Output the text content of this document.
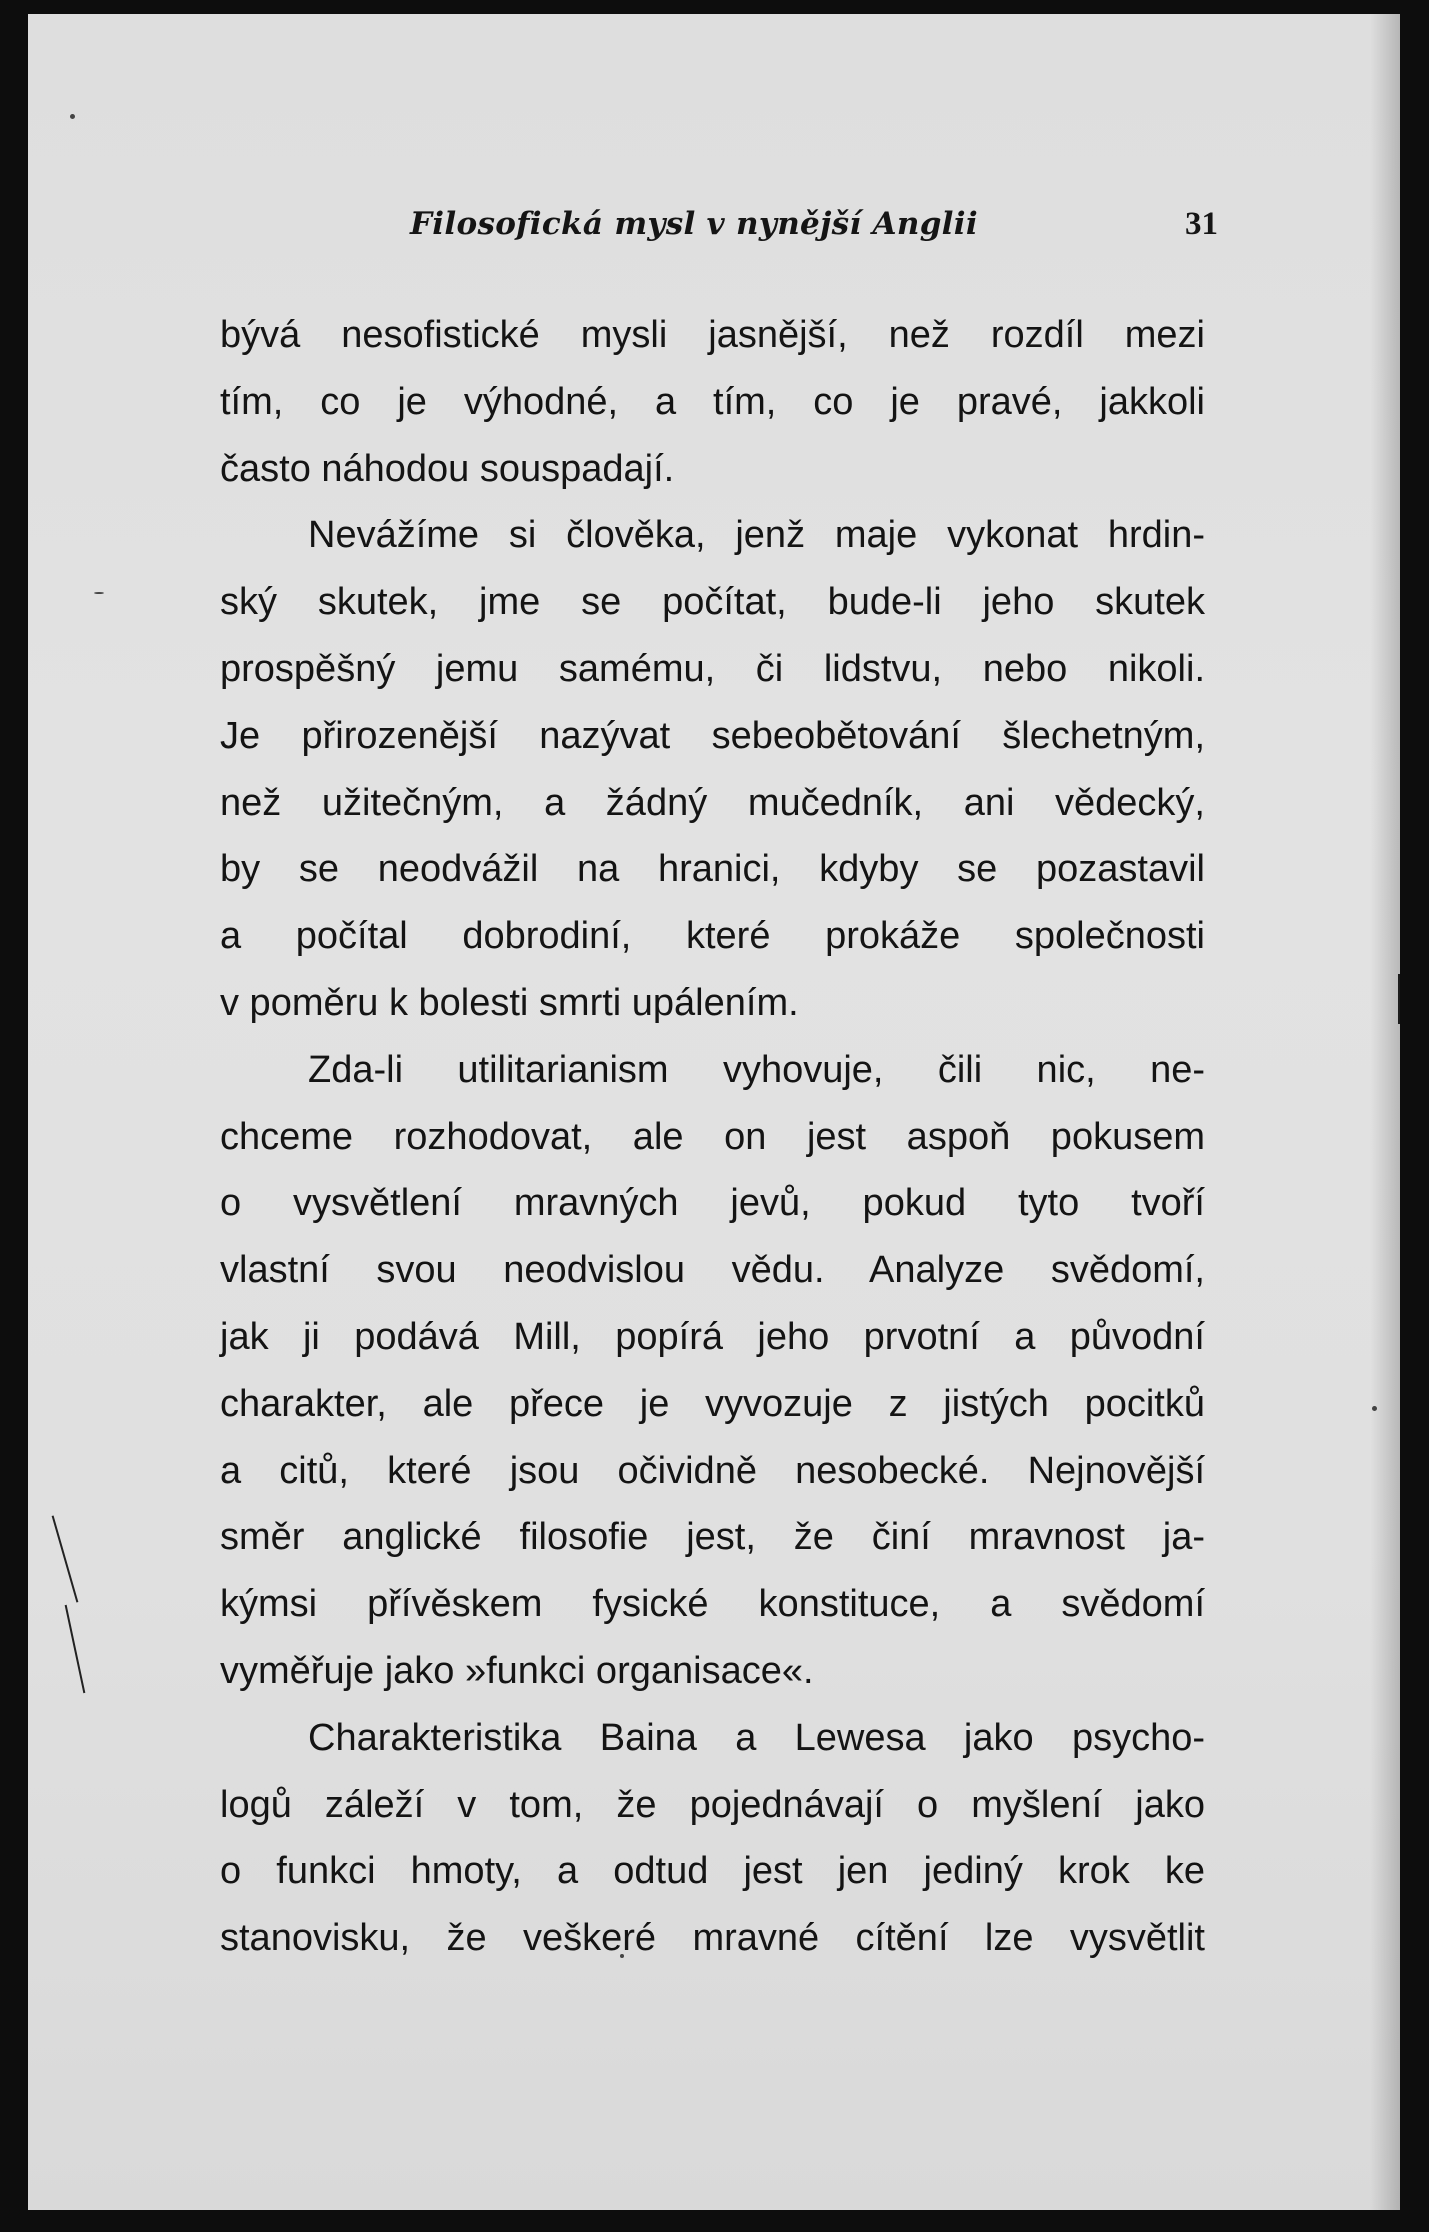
Filosofická mysl v nynější Anglii	31
bývá nesofistické mysli jasnější, než rozdíl mezi
tím, co je výhodné, a tím, co je pravé, jakkoli
často náhodou souspadají.
Nevážíme si člověka, jenž maje vykonat hrdin-
ský skutek, jme se počítat, bude-li jeho skutek
prospěšný jemu samému, či lidstvu, nebo nikoli.
Je přirozenější nazývat sebeobětování šlechetným,
než užitečným, a žádný mučedník, ani vědecký,
by se neodvážil na hranici, kdyby se pozastavil
a počítal dobrodiní, které prokáže společnosti
v poměru k bolesti smrti upálením.
Zda-li utilitarianism vyhovuje, čili nic, ne-
chceme rozhodovat, ale on jest aspoň pokusem
o vysvětlení mravných jevů, pokud tyto tvoří
vlastní svou neodvislou vědu. Analyze svědomí,
jak ji podává Mill, popírá jeho prvotní a původní
charakter, ale přece je vyvozuje z jistých pocitků
a citů, které jsou očividně nesobecké. Nejnovější
směr anglické filosofie jest, že činí mravnost ja-
kýmsi přívěskem fysické konstituce, a svědomí
vyměřuje jako »funkci organisace«.
Charakteristika Baina a Lewesa jako psycho-
logů záleží v tom, že pojednávají o myšlení jako
o funkci hmoty, a odtud jest jen jediný krok ke
stanovisku, že veškeré mravné cítění lze vysvětlit
